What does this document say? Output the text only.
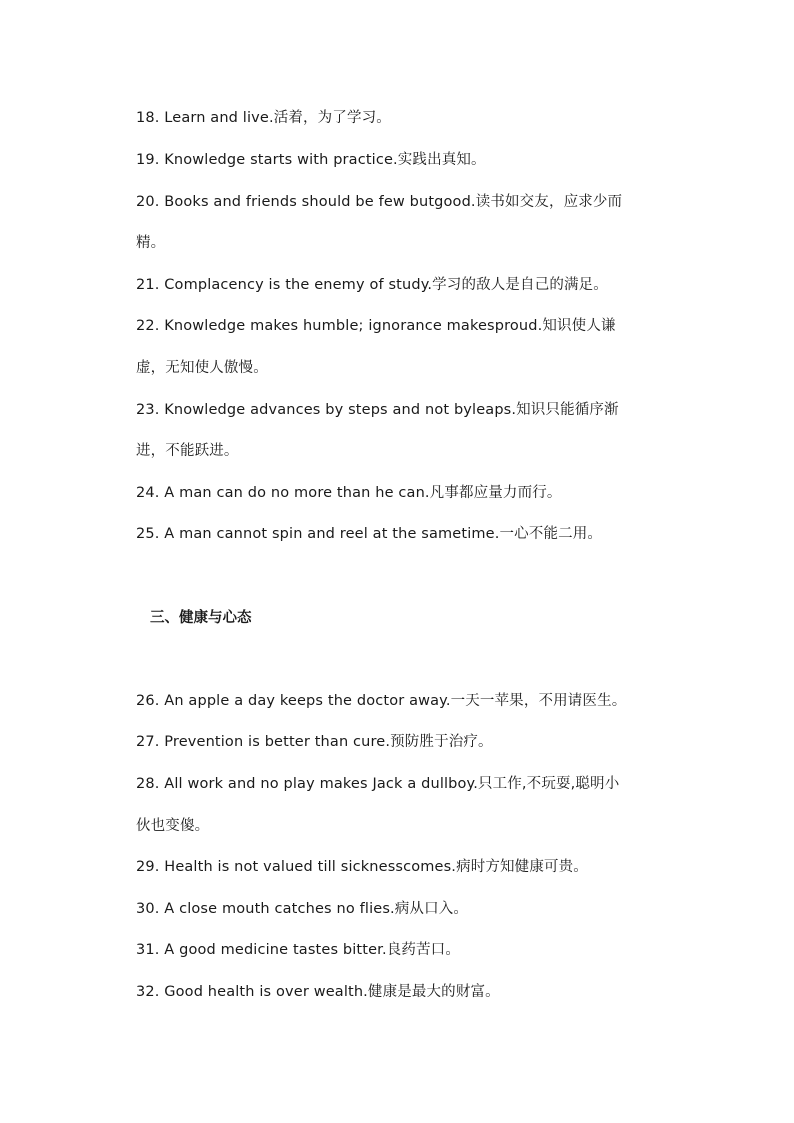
18. Learn and live.活着，为了学习。
19. Knowledge starts with practice.实践出真知。
20. Books and friends should be few butgood.读书如交友，应求少而
精。
21. Complacency is the enemy of study.学习的敌人是自己的满足。
22. Knowledge makes humble; ignorance makesproud.知识使人谦
虚，无知使人傲慢。
23. Knowledge advances by steps and not byleaps.知识只能循序渐
进，不能跃进。
24. A man can do no more than he can.凡事都应量力而行。
25. A man cannot spin and reel at the sametime.一心不能二用。
三、健康与心态
26. An apple a day keeps the doctor away.一天一苹果，不用请医生。
27. Prevention is better than cure.预防胜于治疗。
28. All work and no play makes Jack a dullboy.只工作,不玩耍,聪明小
伙也变傻。
29. Health is not valued till sicknesscomes.病时方知健康可贵。
30. A close mouth catches no flies.病从口入。
31. A good medicine tastes bitter.良药苦口。
32. Good health is over wealth.健康是最大的财富。
